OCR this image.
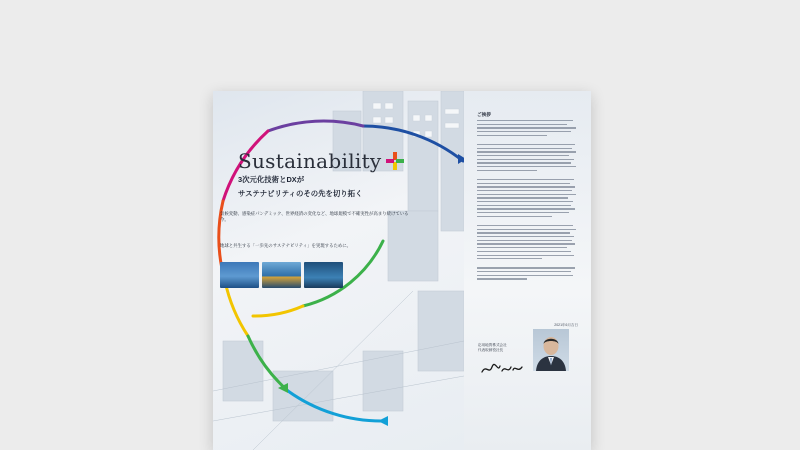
Sustainability
3次元化技術とDXが
サステナビリティのその先を切り拓く
気候変動、感染症パンデミック、世界経済の変化など、地球規模で不確実性が高まり続けている今。
地球と共生する「一歩先のサステナビリティ」を実現するために。
ご挨拶
2021年6月吉日
応用地質株式会社
代表取締役社長
